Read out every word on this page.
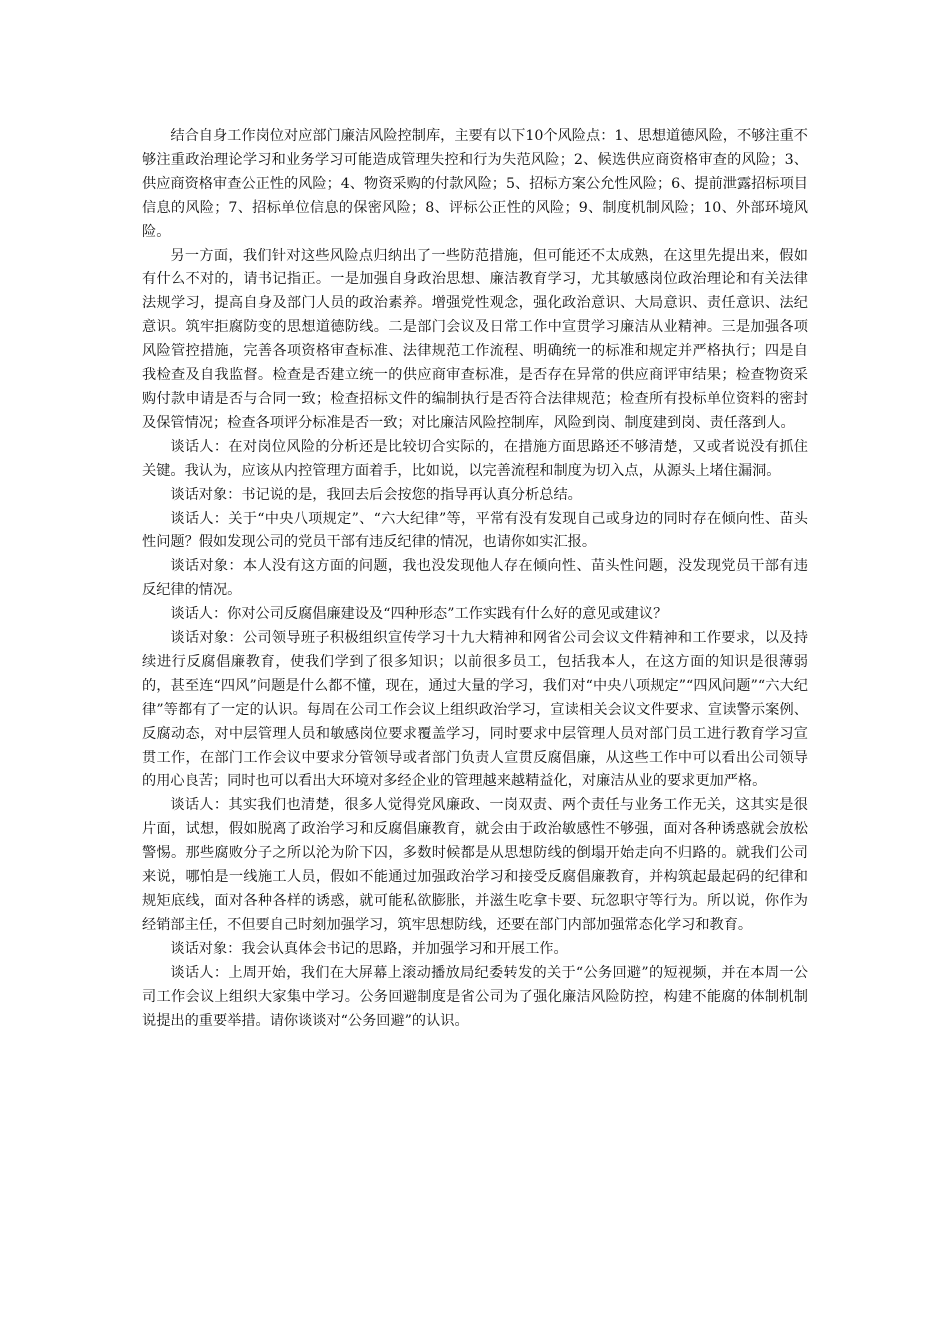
结合自身工作岗位对应部门廉洁风险控制库，主要有以下10个风险点：1、思想道德风险，不够注重不够注重政治理论学习和业务学习可能造成管理失控和行为失范风险；2、候选供应商资格审查的风险；3、供应商资格审查公正性的风险；4、物资采购的付款风险；5、招标方案公允性风险；6、提前泄露招标项目信息的风险；7、招标单位信息的保密风险；8、评标公正性的风险；9、制度机制风险；10、外部环境风险。

另一方面，我们针对这些风险点归纳出了一些防范措施，但可能还不太成熟，在这里先提出来，假如有什么不对的，请书记指正。一是加强自身政治思想、廉洁教育学习，尤其敏感岗位政治理论和有关法律法规学习，提高自身及部门人员的政治素养。增强党性观念，强化政治意识、大局意识、责任意识、法纪意识。筑牢拒腐防变的思想道德防线。二是部门会议及日常工作中宣贯学习廉洁从业精神。三是加强各项风险管控措施，完善各项资格审查标准、法律规范工作流程、明确统一的标准和规定并严格执行；四是自我检查及自我监督。检查是否建立统一的供应商审查标准，是否存在异常的供应商评审结果；检查物资采购付款申请是否与合同一致；检查招标文件的编制执行是否符合法律规范；检查所有投标单位资料的密封及保管情况；检查各项评分标准是否一致；对比廉洁风险控制库，风险到岗、制度建到岗、责任落到人。

谈话人：在对岗位风险的分析还是比较切合实际的，在措施方面思路还不够清楚，又或者说没有抓住关键。我认为，应该从内控管理方面着手，比如说，以完善流程和制度为切入点，从源头上堵住漏洞。

谈话对象：书记说的是，我回去后会按您的指导再认真分析总结。

谈话人：关于“中央八项规定”、“六大纪律”等，平常有没有发现自己或身边的同时存在倾向性、苗头性问题？假如发现公司的党员干部有违反纪律的情况，也请你如实汇报。

谈话对象：本人没有这方面的问题，我也没发现他人存在倾向性、苗头性问题，没发现党员干部有违反纪律的情况。

谈话人：你对公司反腐倡廉建设及“四种形态”工作实践有什么好的意见或建议？

谈话对象：公司领导班子积极组织宣传学习十九大精神和网省公司会议文件精神和工作要求，以及持续进行反腐倡廉教育，使我们学到了很多知识；以前很多员工，包括我本人，在这方面的知识是很薄弱的，甚至连“四风”问题是什么都不懂，现在，通过大量的学习，我们对“中央八项规定”“四风问题”“六大纪律”等都有了一定的认识。每周在公司工作会议上组织政治学习，宣读相关会议文件要求、宣读警示案例、反腐动态，对中层管理人员和敏感岗位要求覆盖学习，同时要求中层管理人员对部门员工进行教育学习宣贯工作，在部门工作会议中要求分管领导或者部门负责人宣贯反腐倡廉，从这些工作中可以看出公司领导的用心良苦；同时也可以看出大环境对多经企业的管理越来越精益化，对廉洁从业的要求更加严格。

谈话人：其实我们也清楚，很多人觉得党风廉政、一岗双责、两个责任与业务工作无关，这其实是很片面，试想，假如脱离了政治学习和反腐倡廉教育，就会由于政治敏感性不够强，面对各种诱惑就会放松警惕。那些腐败分子之所以沦为阶下囚，多数时候都是从思想防线的倒塌开始走向不归路的。就我们公司来说，哪怕是一线施工人员，假如不能通过加强政治学习和接受反腐倡廉教育，并构筑起最起码的纪律和规矩底线，面对各种各样的诱惑，就可能私欲膨胀，并滋生吃拿卡要、玩忽职守等行为。所以说，你作为经销部主任，不但要自己时刻加强学习，筑牢思想防线，还要在部门内部加强常态化学习和教育。

谈话对象：我会认真体会书记的思路，并加强学习和开展工作。

谈话人：上周开始，我们在大屏幕上滚动播放局纪委转发的关于“公务回避”的短视频，并在本周一公司工作会议上组织大家集中学习。公务回避制度是省公司为了强化廉洁风险防控，构建不能腐的体制机制说提出的重要举措。请你谈谈对“公务回避”的认识。
